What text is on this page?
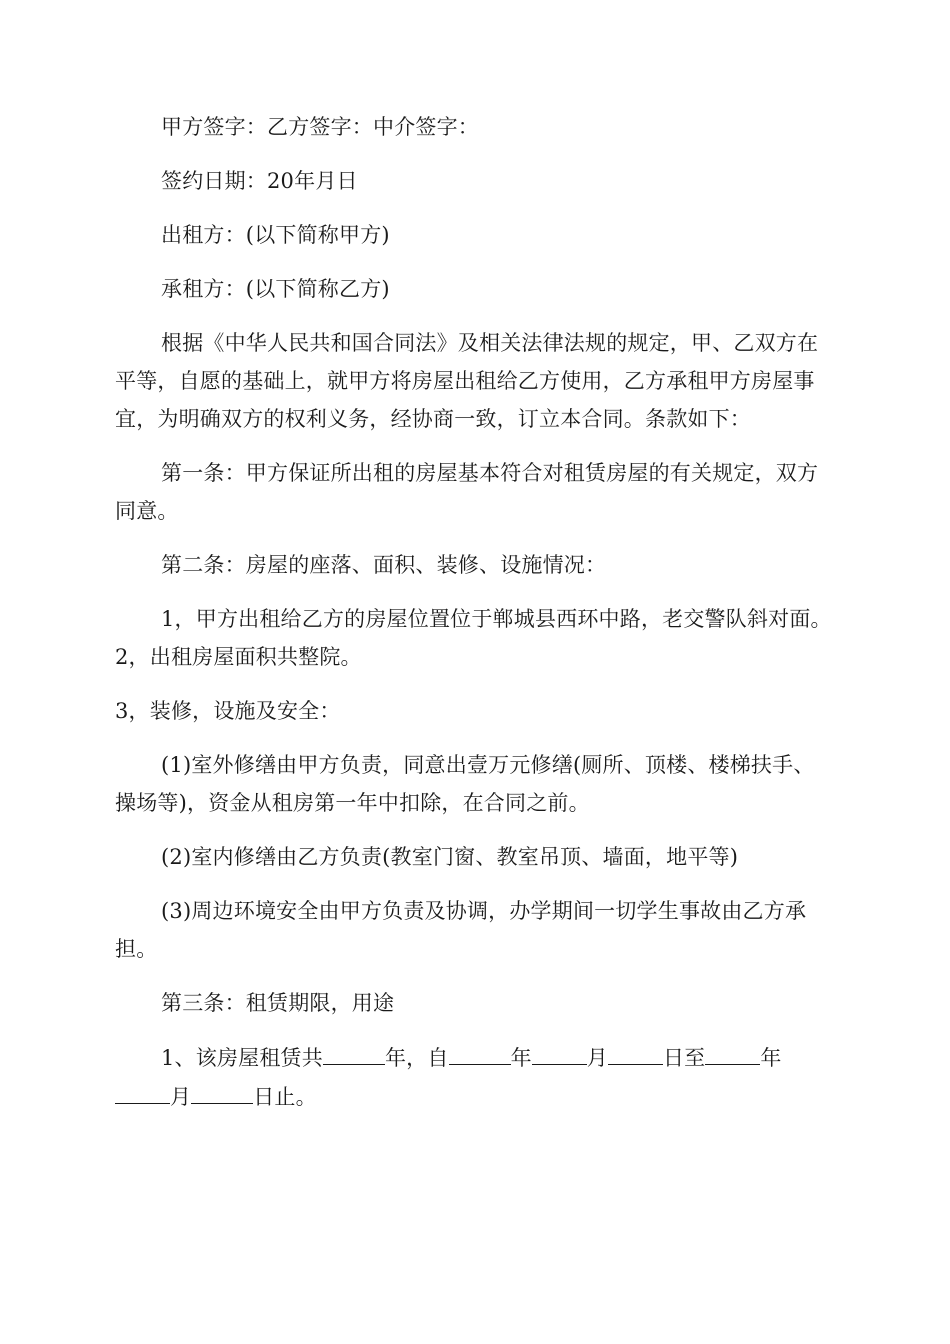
甲方签字：乙方签字：中介签字：

签约日期：20年月日

出租方：(以下简称甲方)

承租方：(以下简称乙方)

根据《中华人民共和国合同法》及相关法律法规的规定，甲、乙双方在平等，自愿的基础上，就甲方将房屋出租给乙方使用，乙方承租甲方房屋事宜，为明确双方的权利义务，经协商一致，订立本合同。条款如下：

第一条：甲方保证所出租的房屋基本符合对租赁房屋的有关规定，双方同意。

第二条：房屋的座落、面积、装修、设施情况：

1，甲方出租给乙方的房屋位置位于郸城县西环中路，老交警队斜对面。2，出租房屋面积共整院。

3，装修，设施及安全：

(1)室外修缮由甲方负责，同意出壹万元修缮(厕所、顶楼、楼梯扶手、操场等)，资金从租房第一年中扣除，在合同之前。

(2)室内修缮由乙方负责(教室门窗、教室吊顶、墙面，地平等)

(3)周边环境安全由甲方负责及协调，办学期间一切学生事故由乙方承担。

第三条：租赁期限，用途

1、该房屋租赁共	年，自	年	月	日至	年月	日止。
